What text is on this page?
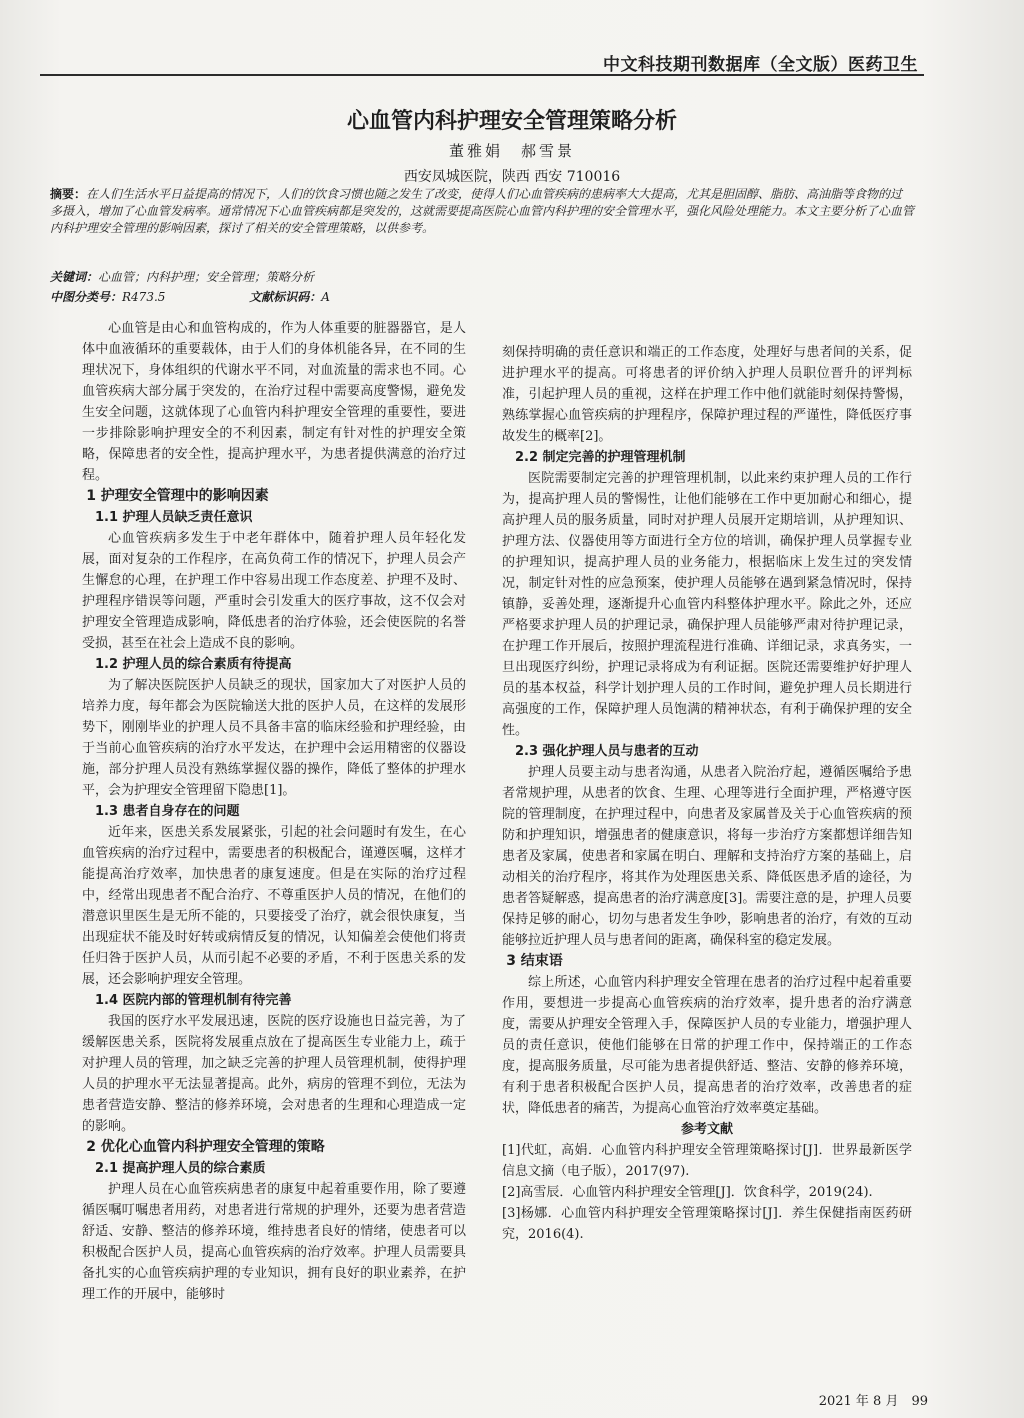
中文科技期刊数据库（全文版）医药卫生
心血管内科护理安全管理策略分析
董雅娟　郝雪景
西安凤城医院，陕西 西安 710016
摘要：在人们生活水平日益提高的情况下，人们的饮食习惯也随之发生了改变，使得人们心血管疾病的患病率大大提高，尤其是胆固醇、脂肪、高油脂等食物的过多摄入，增加了心血管发病率。通常情况下心血管疾病都是突发的，这就需要提高医院心血管内科护理的安全管理水平，强化风险处理能力。本文主要分析了心血管内科护理安全管理的影响因素，探讨了相关的安全管理策略，以供参考。
关键词：心血管；内科护理；安全管理；策略分析
中图分类号：R473.5	文献标识码：A

心血管是由心和血管构成的，作为人体重要的脏器器官，是人体中血液循环的重要载体，由于人们的身体机能各异，在不同的生理状况下，身体组织的代谢水平不同，对血流量的需求也不同。心血管疾病大部分属于突发的，在治疗过程中需要高度警惕，避免发生安全问题，这就体现了心血管内科护理安全管理的重要性，要进一步排除影响护理安全的不利因素，制定有针对性的护理安全策略，保障患者的安全性，提高护理水平，为患者提供满意的治疗过程。

1 护理安全管理中的影响因素
1.1 护理人员缺乏责任意识

心血管疾病多发生于中老年群体中，随着护理人员年轻化发展，面对复杂的工作程序，在高负荷工作的情况下，护理人员会产生懈怠的心理，在护理工作中容易出现工作态度差、护理不及时、护理程序错误等问题，严重时会引发重大的医疗事故，这不仅会对护理安全管理造成影响，降低患者的治疗体验，还会使医院的名誉受损，甚至在社会上造成不良的影响。

1.2 护理人员的综合素质有待提高

为了解决医院医护人员缺乏的现状，国家加大了对医护人员的培养力度，每年都会为医院输送大批的医护人员，在这样的发展形势下，刚刚毕业的护理人员不具备丰富的临床经验和护理经验，由于当前心血管疾病的治疗水平发达，在护理中会运用精密的仪器设施，部分护理人员没有熟练掌握仪器的操作，降低了整体的护理水平，会为护理安全管理留下隐患[1]。

1.3 患者自身存在的问题

近年来，医患关系发展紧张，引起的社会问题时有发生，在心血管疾病的治疗过程中，需要患者的积极配合，谨遵医嘱，这样才能提高治疗效率，加快患者的康复速度。但是在实际的治疗过程中，经常出现患者不配合治疗、不尊重医护人员的情况，在他们的潜意识里医生是无所不能的，只要接受了治疗，就会很快康复，当出现症状不能及时好转或病情反复的情况，认知偏差会使他们将责任归咎于医护人员，从而引起不必要的矛盾，不利于医患关系的发展，还会影响护理安全管理。

1.4 医院内部的管理机制有待完善

我国的医疗水平发展迅速，医院的医疗设施也日益完善，为了缓解医患关系，医院将发展重点放在了提高医生专业能力上，疏于对护理人员的管理，加之缺乏完善的护理人员管理机制，使得护理人员的护理水平无法显著提高。此外，病房的管理不到位，无法为患者营造安静、整洁的修养环境，会对患者的生理和心理造成一定的影响。

2 优化心血管内科护理安全管理的策略
2.1 提高护理人员的综合素质

护理人员在心血管疾病患者的康复中起着重要作用，除了要遵循医嘱叮嘱患者用药，对患者进行常规的护理外，还要为患者营造舒适、安静、整洁的修养环境，维持患者良好的情绪，使患者可以积极配合医护人员，提高心血管疾病的治疗效率。护理人员需要具备扎实的心血管疾病护理的专业知识，拥有良好的职业素养，在护理工作的开展中，能够时

刻保持明确的责任意识和端正的工作态度，处理好与患者间的关系，促进护理水平的提高。可将患者的评价纳入护理人员职位晋升的评判标准，引起护理人员的重视，这样在护理工作中他们就能时刻保持警惕，熟练掌握心血管疾病的护理程序，保障护理过程的严谨性，降低医疗事故发生的概率[2]。

2.2 制定完善的护理管理机制

医院需要制定完善的护理管理机制，以此来约束护理人员的工作行为，提高护理人员的警惕性，让他们能够在工作中更加耐心和细心，提高护理人员的服务质量，同时对护理人员展开定期培训，从护理知识、护理方法、仪器使用等方面进行全方位的培训，确保护理人员掌握专业的护理知识，提高护理人员的业务能力，根据临床上发生过的突发情况，制定针对性的应急预案，使护理人员能够在遇到紧急情况时，保持镇静，妥善处理，逐渐提升心血管内科整体护理水平。除此之外，还应严格要求护理人员的护理记录，确保护理人员能够严肃对待护理记录，在护理工作开展后，按照护理流程进行准确、详细记录，求真务实，一旦出现医疗纠纷，护理记录将成为有利证据。医院还需要维护好护理人员的基本权益，科学计划护理人员的工作时间，避免护理人员长期进行高强度的工作，保障护理人员饱满的精神状态，有利于确保护理的安全性。

2.3 强化护理人员与患者的互动

护理人员要主动与患者沟通，从患者入院治疗起，遵循医嘱给予患者常规护理，从患者的饮食、生理、心理等进行全面护理，严格遵守医院的管理制度，在护理过程中，向患者及家属普及关于心血管疾病的预防和护理知识，增强患者的健康意识，将每一步治疗方案都想详细告知患者及家属，使患者和家属在明白、理解和支持治疗方案的基础上，启动相关的治疗程序，将其作为处理医患关系、降低医患矛盾的途径，为患者答疑解惑，提高患者的治疗满意度[3]。需要注意的是，护理人员要保持足够的耐心，切勿与患者发生争吵，影响患者的治疗，有效的互动能够拉近护理人员与患者间的距离，确保科室的稳定发展。

3 结束语

综上所述，心血管内科护理安全管理在患者的治疗过程中起着重要作用，要想进一步提高心血管疾病的治疗效率，提升患者的治疗满意度，需要从护理安全管理入手，保障医护人员的专业能力，增强护理人员的责任意识，使他们能够在日常的护理工作中，保持端正的工作态度，提高服务质量，尽可能为患者提供舒适、整洁、安静的修养环境，有利于患者积极配合医护人员，提高患者的治疗效率，改善患者的症状，降低患者的痛苦，为提高心血管治疗效率奠定基础。

参考文献

[1]代虹，高娟．心血管内科护理安全管理策略探讨[J]．世界最新医学信息文摘（电子版），2017(97).

[2]高雪辰．心血管内科护理安全管理[J]．饮食科学，2019(24).

[3]杨娜．心血管内科护理安全管理策略探讨[J]．养生保健指南医药研究，2016(4).

2021 年 8 月　99
